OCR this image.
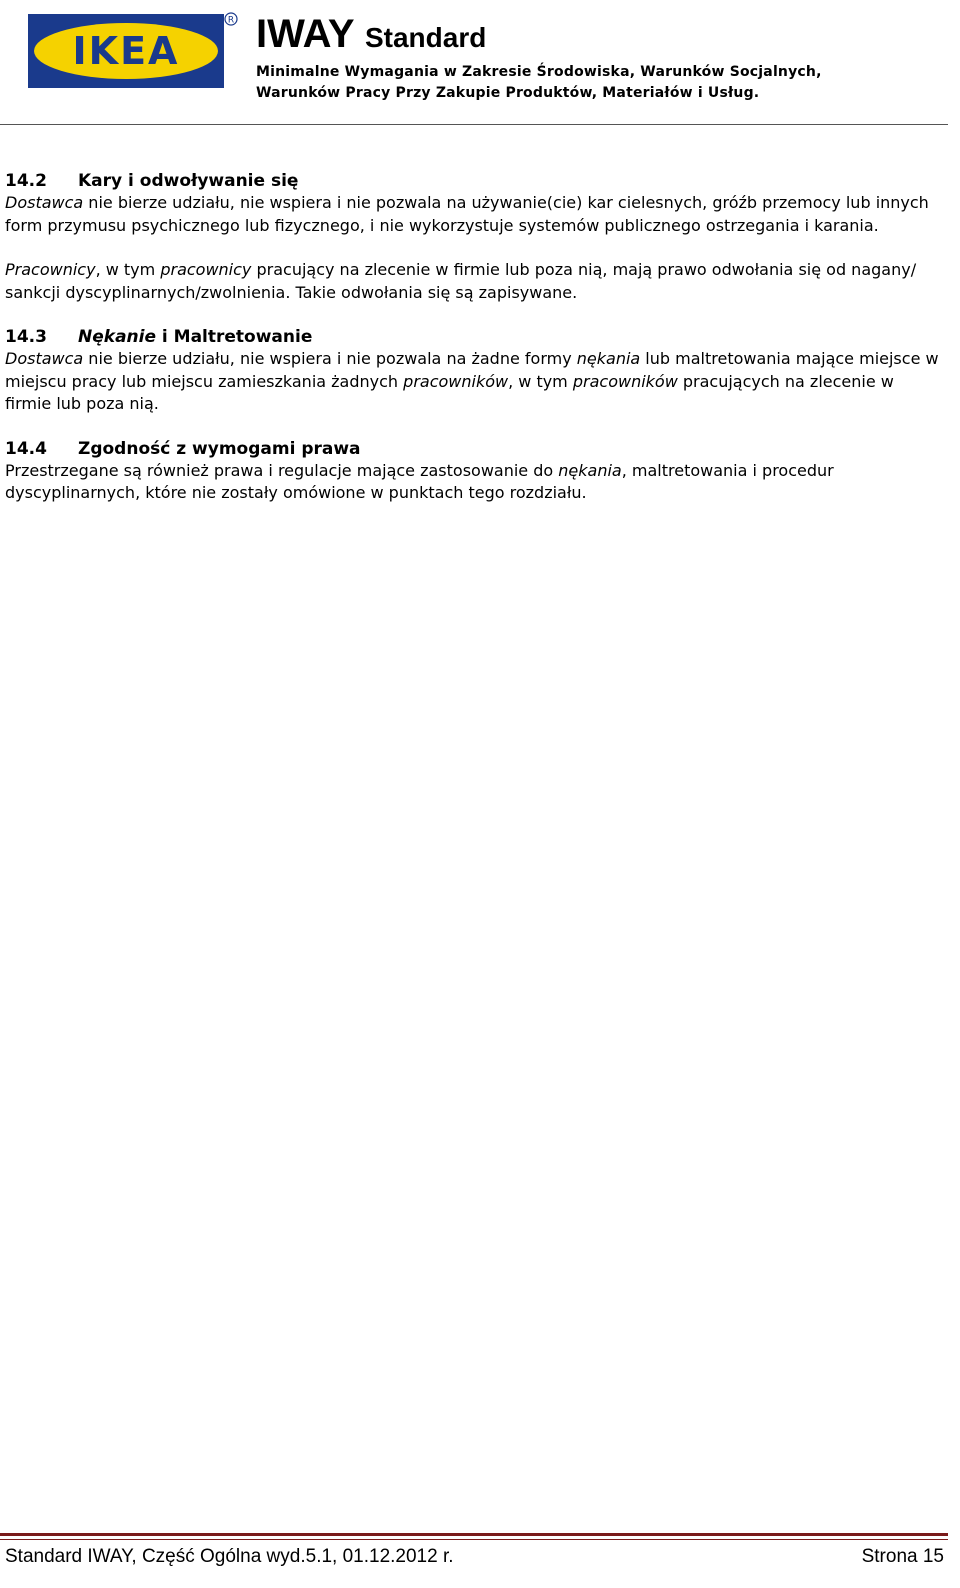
IKEA
R IWAY Standard
Minimalne Wymagania w Zakresie Środowiska, Warunków Socjalnych,
Warunków Pracy Przy Zakupie Produktów, Materiałów i Usług.
14.2 Kary i odwoływanie się

Dostawca nie bierze udziału, nie wspiera i nie pozwala na używanie(cie) kar cielesnych, gróźb przemocy lub innych form przymusu psychicznego lub fizycznego, i nie wykorzystuje systemów publicznego ostrzegania i karania.

Pracownicy, w tym pracownicy pracujący na zlecenie w firmie lub poza nią, mają prawo odwołania się od nagany/ sankcji dyscyplinarnych/zwolnienia. Takie odwołania się są zapisywane.

14.3 Nękanie i Maltretowanie

Dostawca nie bierze udziału, nie wspiera i nie pozwala na żadne formy nękania lub maltretowania mające miejsce w miejscu pracy lub miejscu zamieszkania żadnych pracowników, w tym pracowników pracujących na zlecenie w firmie lub poza nią.

14.4 Zgodność z wymogami prawa

Przestrzegane są również prawa i regulacje mające zastosowanie do nękania, maltretowania i procedur dyscyplinarnych, które nie zostały omówione w punktach tego rozdziału.

Standard IWAY, Część Ogólna wyd.5.1, 01.12.2012 r.	Strona 15
